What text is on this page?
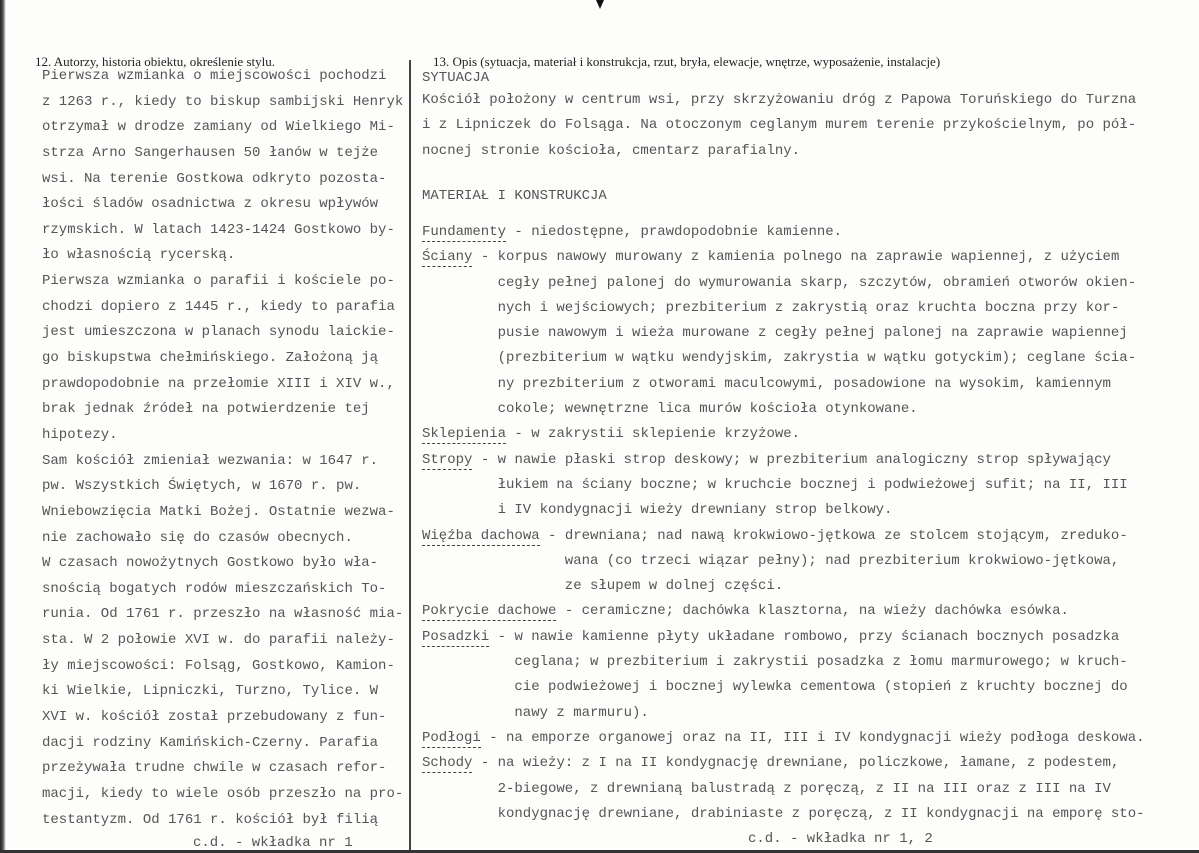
12. Autorzy, historia obiektu, określenie stylu.
Pierwsza wzmianka o miejscowości pochodzi
z 1263 r., kiedy to biskup sambijski Henryk
otrzymał w drodze zamiany od Wielkiego Mi-
strza Arno Sangerhausen 50 łanów w tejże
wsi. Na terenie Gostkowa odkryto pozosta-
łości śladów osadnictwa z okresu wpływów
rzymskich. W latach 1423-1424 Gostkowo by-
ło własnością rycerską.
Pierwsza wzmianka o parafii i kościele po-
chodzi dopiero z 1445 r., kiedy to parafia
jest umieszczona w planach synodu laickie-
go biskupstwa chełmińskiego. Założoną ją
prawdopodobnie na przełomie XIII i XIV w.,
brak jednak źródeł na potwierdzenie tej
hipotezy.
Sam kościół zmieniał wezwania: w 1647 r.
pw. Wszystkich Świętych, w 1670 r. pw.
Wniebowzięcia Matki Bożej. Ostatnie wezwa-
nie zachowało się do czasów obecnych.
W czasach nowożytnych Gostkowo było wła-
snością bogatych rodów mieszczańskich To-
runia. Od 1761 r. przeszło na własność mia-
sta. W 2 połowie XVI w. do parafii należy-
ły miejscowości: Folsąg, Gostkowo, Kamion-
ki Wielkie, Lipniczki, Turzno, Tylice. W
XVI w. kościół został przebudowany z fun-
dacji rodziny Kamińskich-Czerny. Parafia
przeżywała trudne chwile w czasach refor-
macji, kiedy to wiele osób przeszło na pro-
testantyzm. Od 1761 r. kościół był filią
c.d. - wkładka nr 1
13. Opis (sytuacja, materiał i konstrukcja, rzut, bryła, elewacje, wnętrze, wyposażenie, instalacje)
SYTUACJA
Kościół położony w centrum wsi, przy skrzyżowaniu dróg z Papowa Toruńskiego do Turzna
i z Lipniczek do Folsąga. Na otoczonym ceglanym murem terenie przykościelnym, po pół-
nocnej stronie kościoła, cmentarz parafialny.
MATERIAŁ I KONSTRUKCJA
Fundamenty - niedostępne, prawdopodobnie kamienne.
Ściany - korpus nawowy murowany z kamienia polnego na zaprawie wapiennej, z użyciem
cegły pełnej palonej do wymurowania skarp, szczytów, obramień otworów okien-
nych i wejściowych; prezbiterium z zakrystią oraz kruchta boczna przy kor-
pusie nawowym i wieża murowane z cegły pełnej palonej na zaprawie wapiennej
(prezbiterium w wątku wendyjskim, zakrystia w wątku gotyckim); ceglane ścia-
ny prezbiterium z otworami maculcowymi, posadowione na wysokim, kamiennym
cokole; wewnętrzne lica murów kościoła otynkowane.
Sklepienia - w zakrystii sklepienie krzyżowe.
Stropy - w nawie płaski strop deskowy; w prezbiterium analogiczny strop spływający
łukiem na ściany boczne; w kruchcie bocznej i podwieżowej sufit; na II, III
i IV kondygnacji wieży drewniany strop belkowy.
Więźba dachowa - drewniana; nad nawą krokwiowo-jętkowa ze stolcem stojącym, zreduko-
wana (co trzeci wiązar pełny); nad prezbiterium krokwiowo-jętkowa,
ze słupem w dolnej części.
Pokrycie dachowe - ceramiczne; dachówka klasztorna, na wieży dachówka esówka.
Posadzki - w nawie kamienne płyty układane rombowo, przy ścianach bocznych posadzka
ceglana; w prezbiterium i zakrystii posadzka z łomu marmurowego; w kruch-
cie podwieżowej i bocznej wylewka cementowa (stopień z kruchty bocznej do
nawy z marmuru).
Podłogi - na emporze organowej oraz na II, III i IV kondygnacji wieży podłoga deskowa.
Schody - na wieży: z I na II kondygnację drewniane, policzkowe, łamane, z podestem,
2-biegowe, z drewnianą balustradą z poręczą, z II na III oraz z III na IV
kondygnację drewniane, drabiniaste z poręczą, z II kondygnacji na emporę sto-
c.d. - wkładka nr 1, 2
